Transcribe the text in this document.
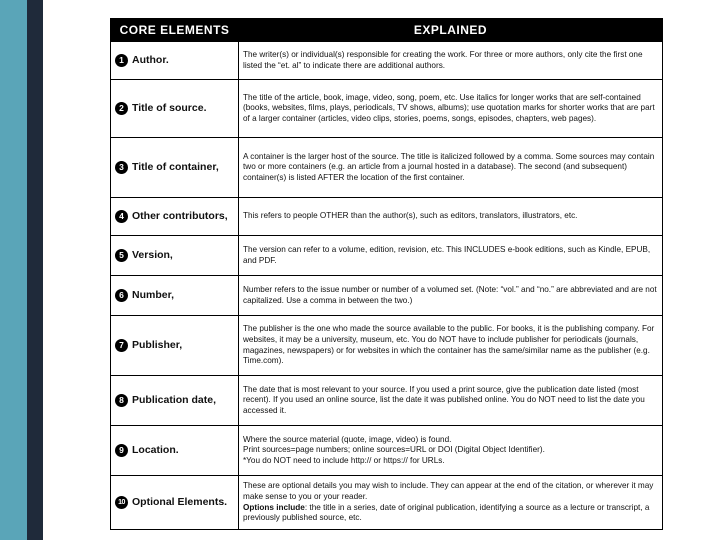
CORE ELEMENTS	EXPLAINED
1 Author.	The writer(s) or individual(s) responsible for creating the work. For three or more authors, only cite the first one listed the “et. al” to indicate there are additional authors.
2 Title of source.	The title of the article, book, image, video, song, poem, etc. Use italics for longer works that are self-contained (books, websites, films, plays, periodicals, TV shows, albums); use quotation marks for shorter works that are part of a larger container (articles, video clips, stories, poems, songs, episodes, chapters, web pages).
3 Title of container,	A container is the larger host of the source. The title is italicized followed by a comma. Some sources may contain two or more containers (e.g. an article from a journal hosted in a database). The second (and subsequent) container(s) is listed AFTER the location of the first container.
4 Other contributors,	This refers to people OTHER than the author(s), such as editors, translators, illustrators, etc.
5 Version,	The version can refer to a volume, edition, revision, etc. This INCLUDES e-book editions, such as Kindle, EPUB, and PDF.
6 Number,	Number refers to the issue number or number of a volumed set. (Note: “vol.” and “no.” are abbreviated and are not capitalized. Use a comma in between the two.)
7 Publisher,	The publisher is the one who made the source available to the public. For books, it is the publishing company. For websites, it may be a university, museum, etc. You do NOT have to include publisher for periodicals (journals, magazines, newspapers) or for websites in which the container has the same/similar name as the publisher (e.g. Time.com).
8 Publication date,	The date that is most relevant to your source. If you used a print source, give the publication date listed (most recent). If you used an online source, list the date it was published online. You do NOT need to list the date you accessed it.
9 Location.	Where the source material (quote, image, video) is found.
Print sources=page numbers; online sources=URL or DOI (Digital Object Identifier).
*You do NOT need to include http:// or https:// for URLs.

10 Optional Elements.	These are optional details you may wish to include. They can appear at the end of the citation, or wherever it may make sense to you or your reader.
Options include: the title in a series, date of original publication, identifying a source as a lecture or transcript, a previously published source, etc.
